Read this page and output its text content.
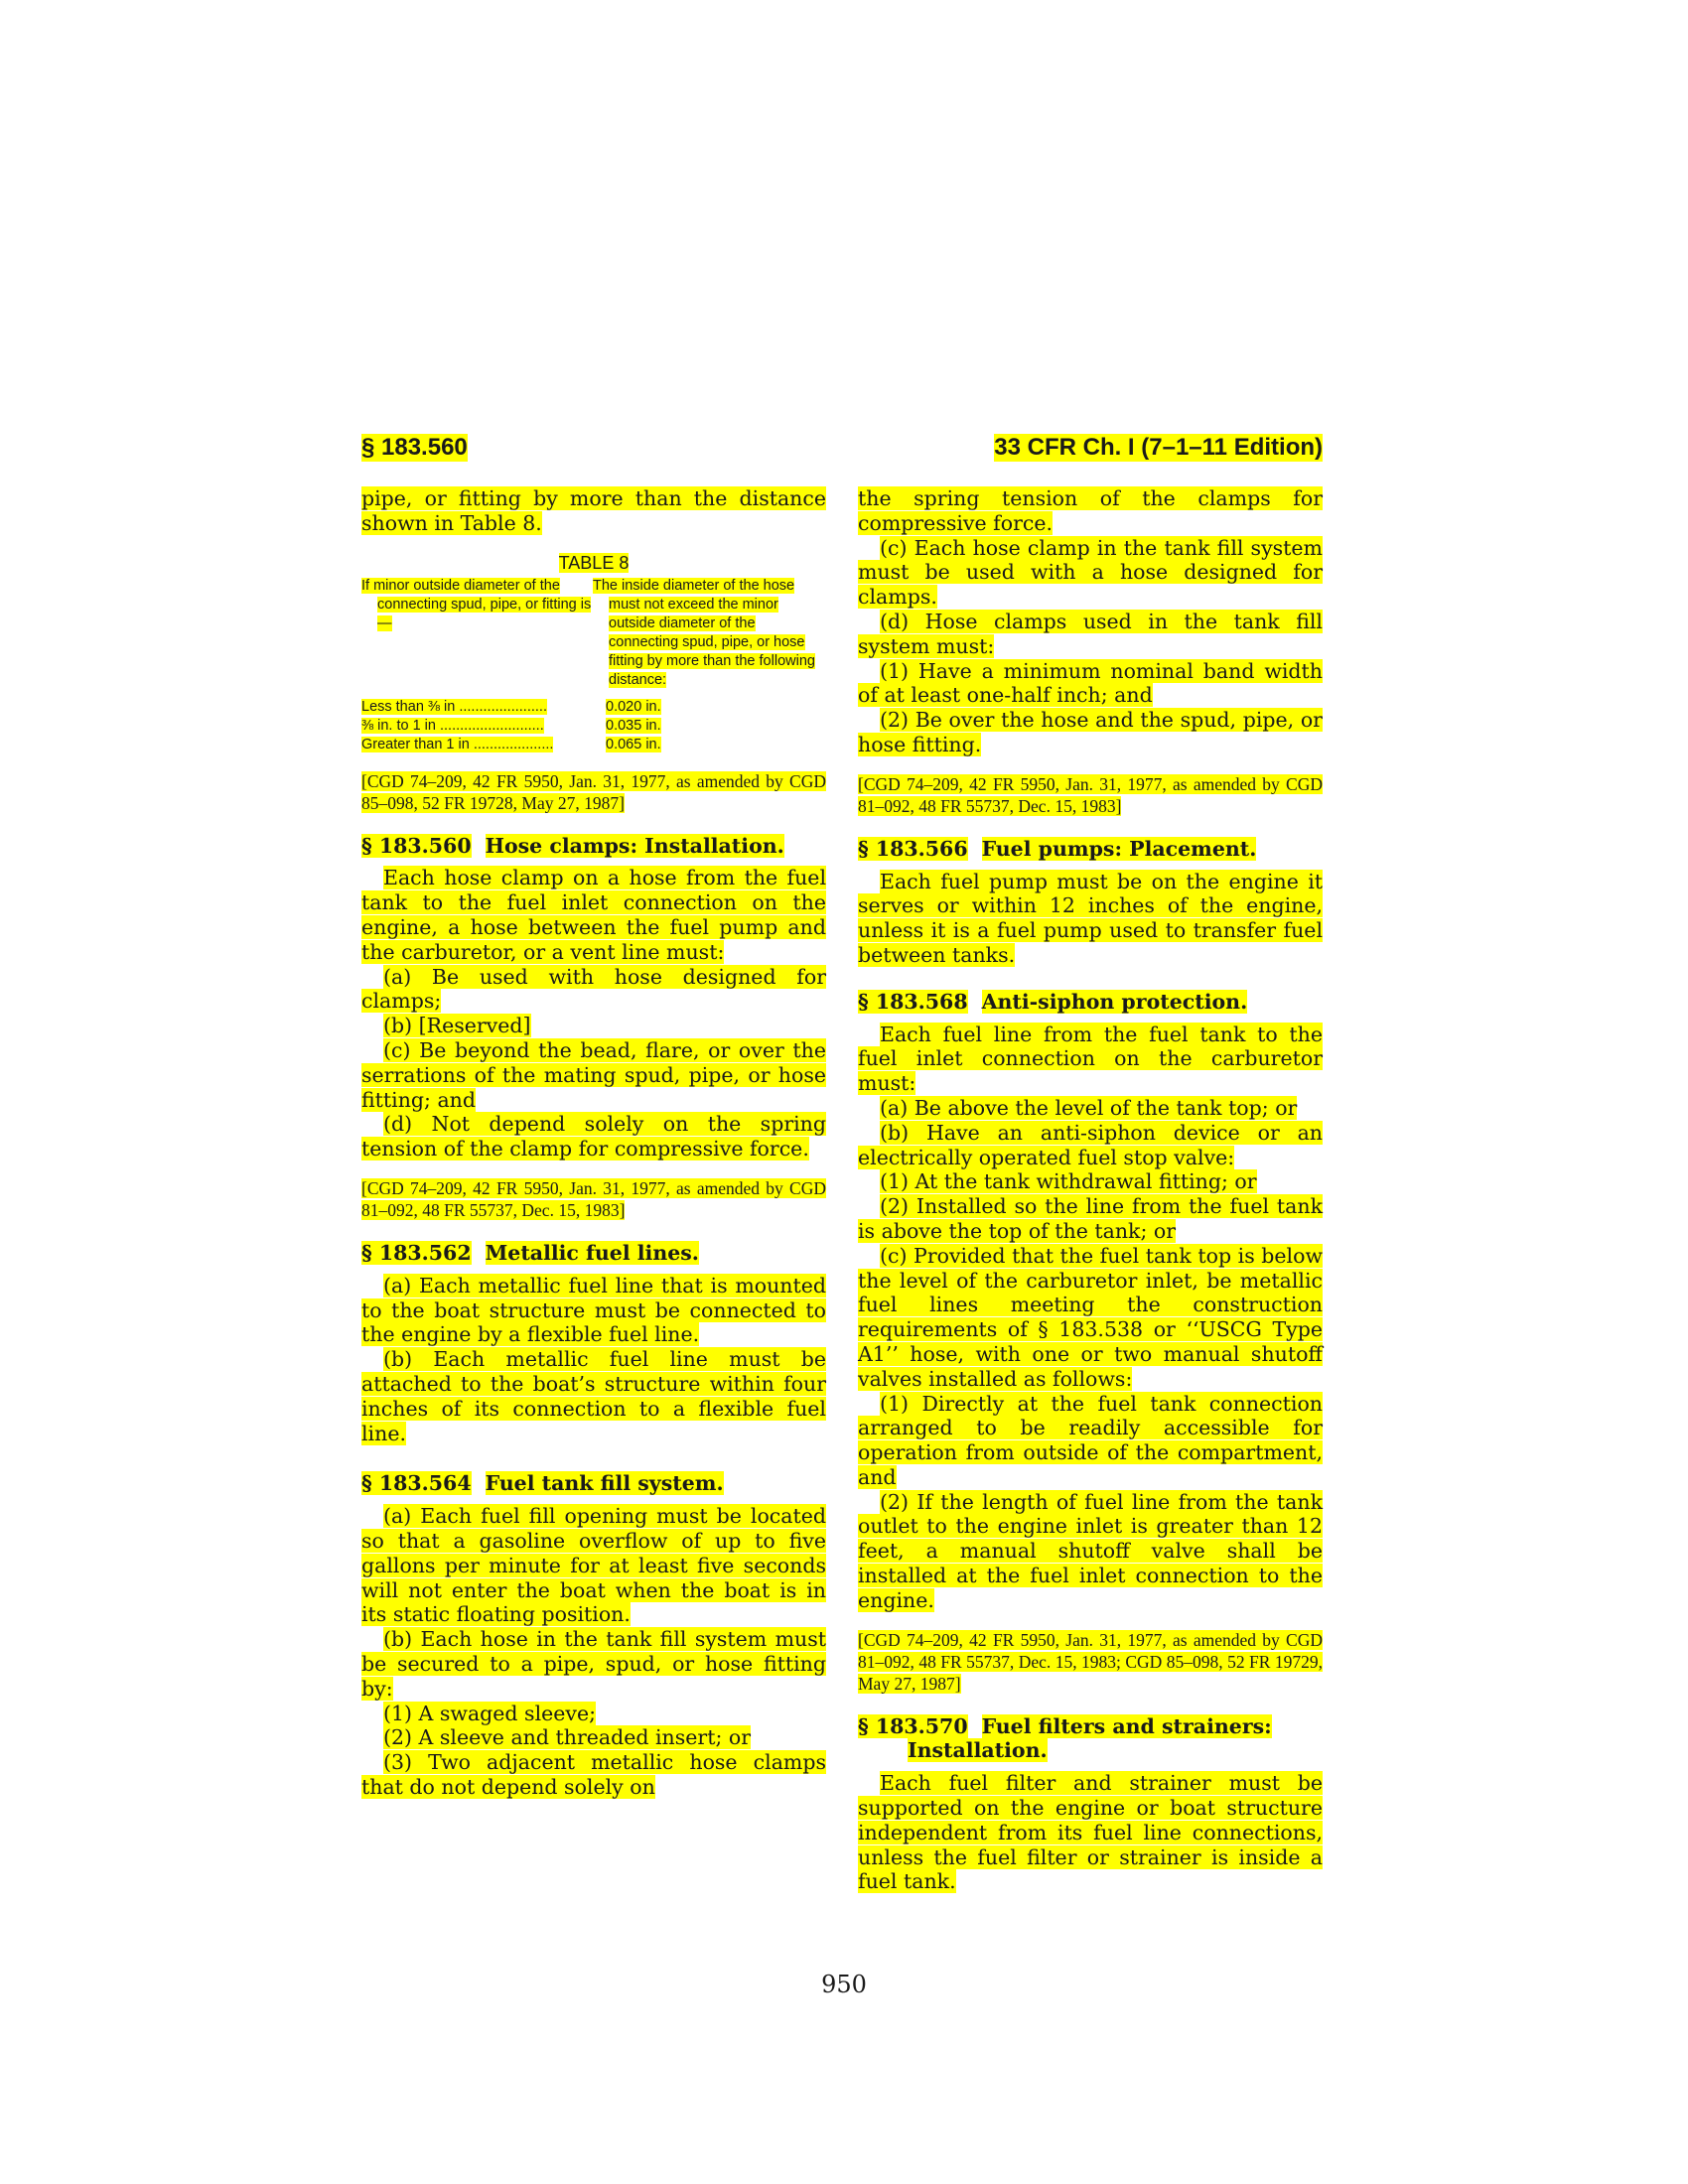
§ 183.560	33 CFR Ch. I (7–1–11 Edition)

pipe, or fitting by more than the distance shown in Table 8.

TABLE 8
If minor outside diameter of the connecting spud, pipe, or fitting is—
The inside diameter of the hose must not exceed the minor outside diameter of the connecting spud, pipe, or hose fitting by more than the following distance:
Less than ⅜ in ......................	0.020 in.
⅜ in. to 1 in ..........................	0.035 in.
Greater than 1 in ....................	0.065 in.
[CGD 74–209, 42 FR 5950, Jan. 31, 1977, as amended by CGD 85–098, 52 FR 19728, May 27, 1987]
§ 183.560 Hose clamps: Installation.

Each hose clamp on a hose from the fuel tank to the fuel inlet connection on the engine, a hose between the fuel pump and the carburetor, or a vent line must:

(a) Be used with hose designed for clamps;

(b) [Reserved]

(c) Be beyond the bead, flare, or over the serrations of the mating spud, pipe, or hose fitting; and

(d) Not depend solely on the spring tension of the clamp for compressive force.

[CGD 74–209, 42 FR 5950, Jan. 31, 1977, as amended by CGD 81–092, 48 FR 55737, Dec. 15, 1983]
§ 183.562 Metallic fuel lines.

(a) Each metallic fuel line that is mounted to the boat structure must be connected to the engine by a flexible fuel line.

(b) Each metallic fuel line must be attached to the boat’s structure within four inches of its connection to a flexible fuel line.

§ 183.564 Fuel tank fill system.

(a) Each fuel fill opening must be located so that a gasoline overflow of up to five gallons per minute for at least five seconds will not enter the boat when the boat is in its static floating position.

(b) Each hose in the tank fill system must be secured to a pipe, spud, or hose fitting by:

(1) A swaged sleeve;

(2) A sleeve and threaded insert; or

(3) Two adjacent metallic hose clamps that do not depend solely on

the spring tension of the clamps for compressive force.

(c) Each hose clamp in the tank fill system must be used with a hose designed for clamps.

(d) Hose clamps used in the tank fill system must:

(1) Have a minimum nominal band width of at least one-half inch; and

(2) Be over the hose and the spud, pipe, or hose fitting.

[CGD 74–209, 42 FR 5950, Jan. 31, 1977, as amended by CGD 81–092, 48 FR 55737, Dec. 15, 1983]
§ 183.566 Fuel pumps: Placement.

Each fuel pump must be on the engine it serves or within 12 inches of the engine, unless it is a fuel pump used to transfer fuel between tanks.

§ 183.568 Anti-siphon protection.

Each fuel line from the fuel tank to the fuel inlet connection on the carburetor must:

(a) Be above the level of the tank top; or

(b) Have an anti-siphon device or an electrically operated fuel stop valve:

(1) At the tank withdrawal fitting; or

(2) Installed so the line from the fuel tank is above the top of the tank; or

(c) Provided that the fuel tank top is below the level of the carburetor inlet, be metallic fuel lines meeting the construction requirements of § 183.538 or ‘‘USCG Type A1’’ hose, with one or two manual shutoff valves installed as follows:

(1) Directly at the fuel tank connection arranged to be readily accessible for operation from outside of the compartment, and

(2) If the length of fuel line from the tank outlet to the engine inlet is greater than 12 feet, a manual shutoff valve shall be installed at the fuel inlet connection to the engine.

[CGD 74–209, 42 FR 5950, Jan. 31, 1977, as amended by CGD 81–092, 48 FR 55737, Dec. 15, 1983; CGD 85–098, 52 FR 19729, May 27, 1987]
§ 183.570 Fuel filters and strainers: Installation.

Each fuel filter and strainer must be supported on the engine or boat structure independent from its fuel line connections, unless the fuel filter or strainer is inside a fuel tank.

950
